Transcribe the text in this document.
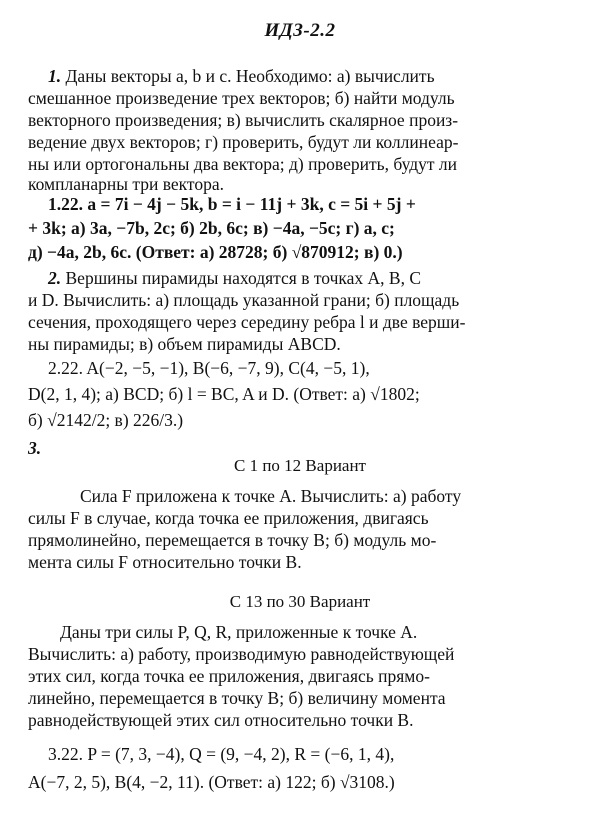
ИДЗ-2.2
1. Даны векторы a, b и c. Необходимо: а) вычислить
смешанное произведение трех векторов; б) найти модуль
векторного произведения; в) вычислить скалярное произ-
ведение двух векторов; г) проверить, будут ли коллинеар-
ны или ортогональны два вектора; д) проверить, будут ли
компланарны три вектора.
1.22. a = 7i − 4j − 5k, b = i − 11j + 3k, c = 5i + 5j +
+ 3k; а) 3a, −7b, 2c; б) 2b, 6c; в) −4a, −5c; г) a, c;
д) −4a, 2b, 6c. (Ответ: а) 28728; б) √870912; в) 0.)
2. Вершины пирамиды находятся в точках A, B, C
и D. Вычислить: а) площадь указанной грани; б) площадь
сечения, проходящего через середину ребра l и две верши-
ны пирамиды; в) объем пирамиды ABCD.
2.22. A(−2, −5, −1), B(−6, −7, 9), C(4, −5, 1),
D(2, 1, 4); а) BCD; б) l = BC, A и D. (Ответ: а) √1802;
б) √2142/2; в) 226/3.)
3.
С 1 по 12 Вариант
Сила F приложена к точке A. Вычислить: а) работу
силы F в случае, когда точка ее приложения, двигаясь
прямолинейно, перемещается в точку B; б) модуль мо-
мента силы F относительно точки B.
С 13 по 30 Вариант
Даны три силы P, Q, R, приложенные к точке A.
Вычислить: а) работу, производимую равнодействующей
этих сил, когда точка ее приложения, двигаясь прямо-
линейно, перемещается в точку B; б) величину момента
равнодействующей этих сил относительно точки B.
3.22. P = (7, 3, −4), Q = (9, −4, 2), R = (−6, 1, 4),
A(−7, 2, 5), B(4, −2, 11). (Ответ: а) 122; б) √3108.)
